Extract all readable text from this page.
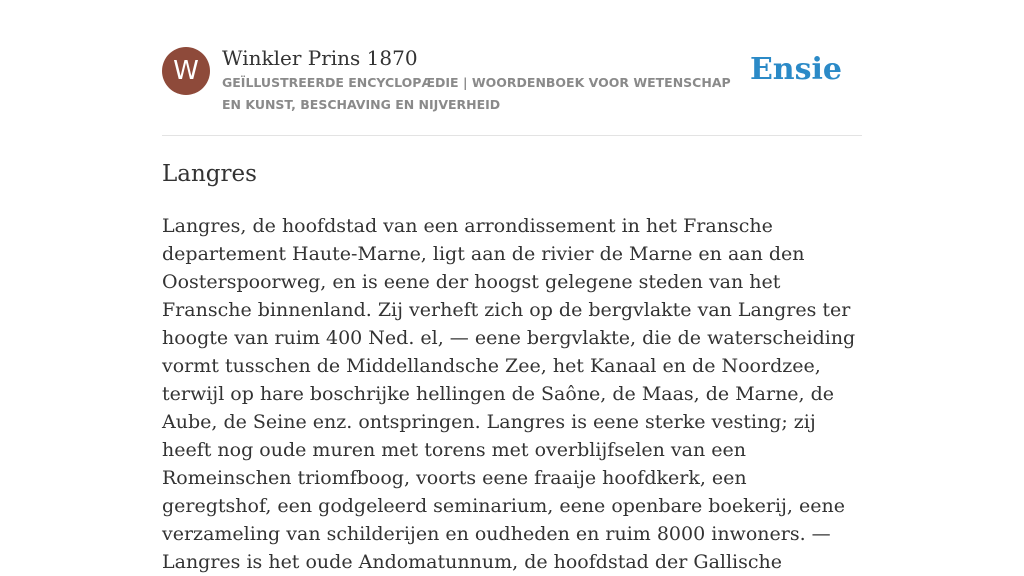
W	Winkler Prins 1870

GEÏLLUSTREERDE ENCYCLOPÆDIE | WOORDENBOEK VOOR WETENSCHAP EN KUNST, BESCHAVING EN NIJVERHEID

Ensie
Langres

Langres, de hoofdstad van een arrondissement in het Fransche departement Haute-Marne, ligt aan de rivier de Marne en aan den Oosterspoorweg, en is eene der hoogst gelegene steden van het Fransche binnenland. Zij verheft zich op de bergvlakte van Langres ter hoogte van ruim 400 Ned. el, — eene bergvlakte, die de waterscheiding vormt tusschen de Middellandsche Zee, het Kanaal en de Noordzee, terwijl op hare boschrijke hellingen de Saône, de Maas, de Marne, de Aube, de Seine enz. ontspringen. Langres is eene sterke vesting; zij heeft nog oude muren met torens met overblijfselen van een Romeinschen triomfboog, voorts eene fraaije hoofdkerk, een geregtshof, een godgeleerd seminarium, eene openbare boekerij, eene verzameling van schilderijen en oudheden en ruim 8000 inwoners. — Langres is het oude Andomatunnum, de hoofdstad der Gallische
